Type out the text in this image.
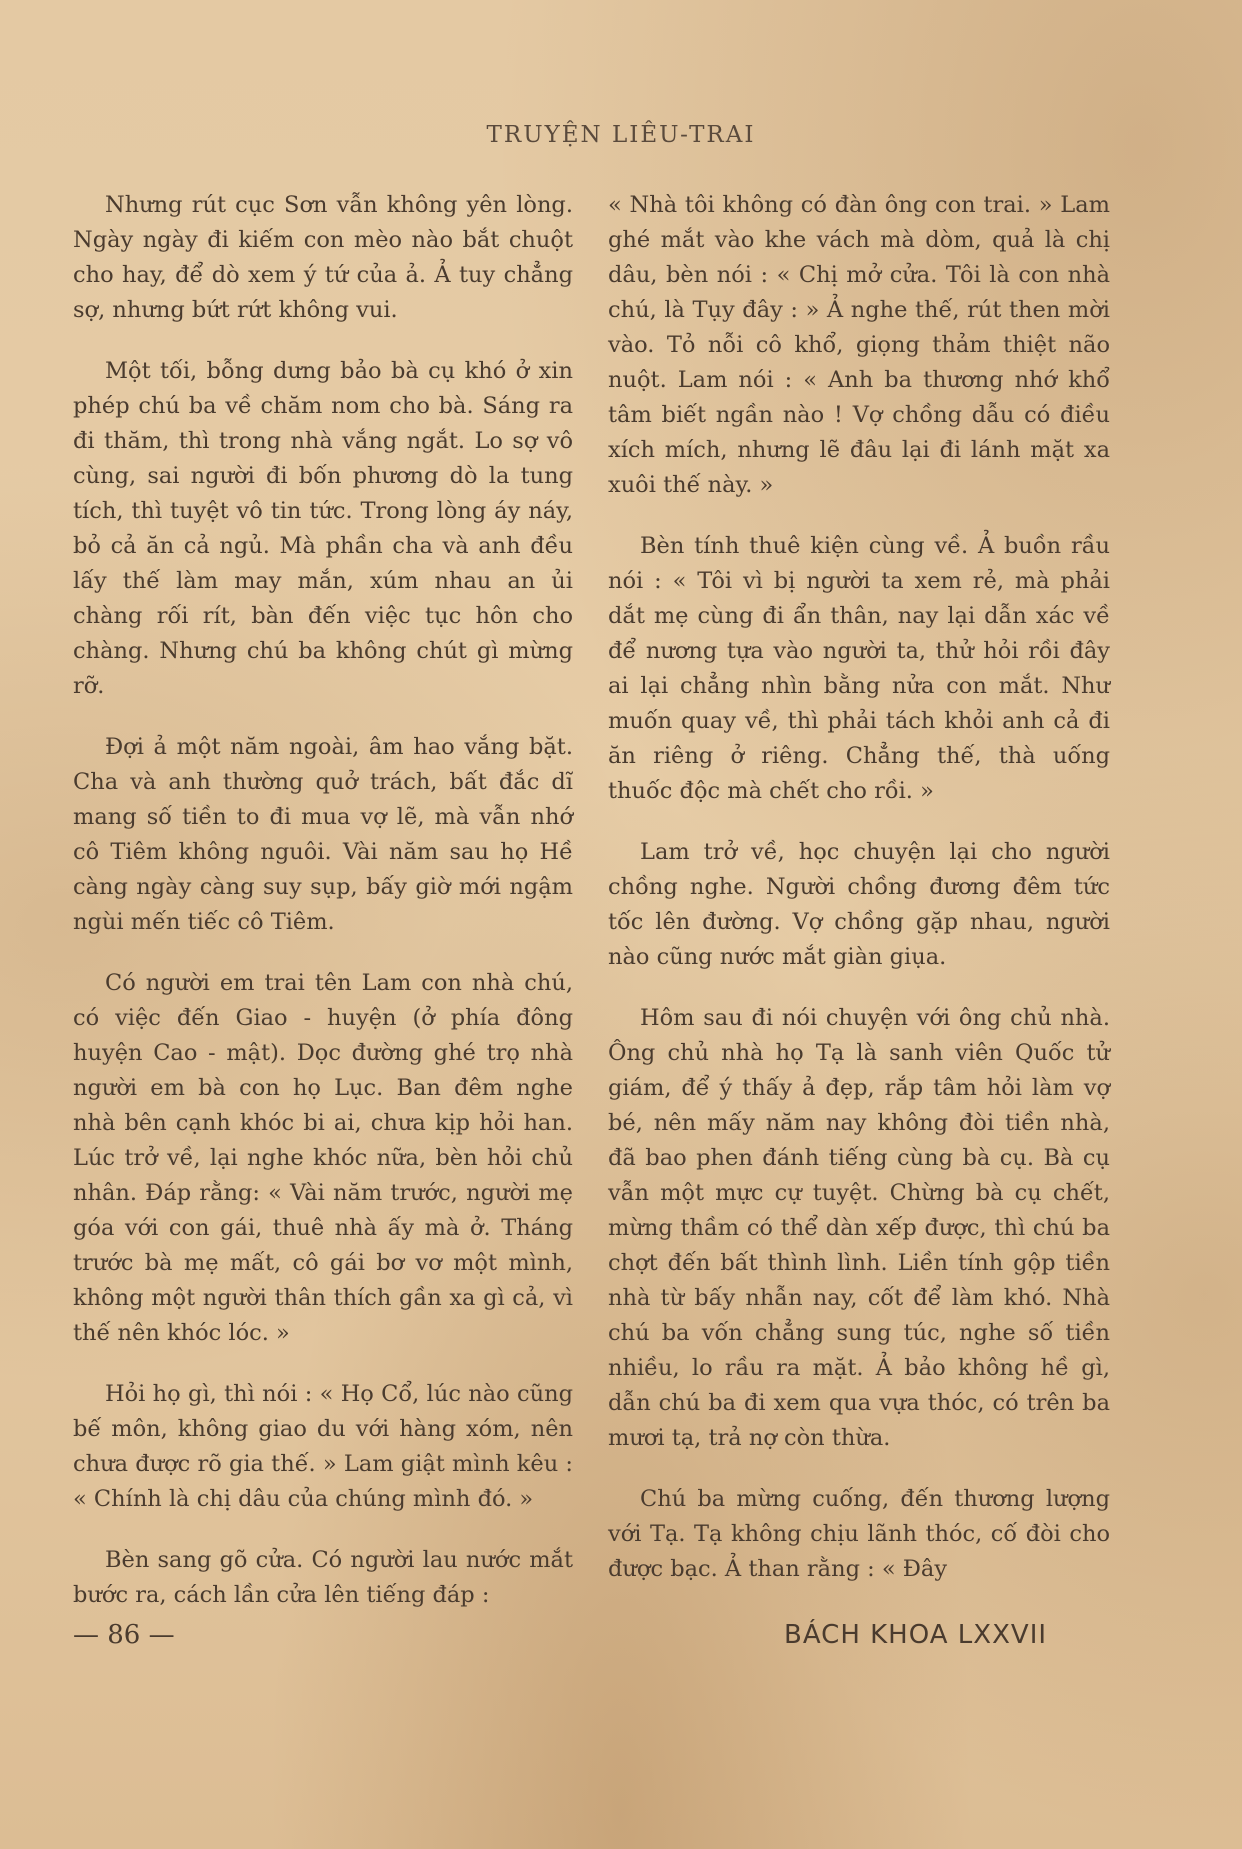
TRUYỆN LIÊU-TRAI

Nhưng rút cục Sơn vẫn không yên lòng. Ngày ngày đi kiếm con mèo nào bắt chuột cho hay, để dò xem ý tứ của ả. Ả tuy chẳng sợ, nhưng bứt rứt không vui.

Một tối, bỗng dưng bảo bà cụ khó ở xin phép chú ba về chăm nom cho bà. Sáng ra đi thăm, thì trong nhà vắng ngắt. Lo sợ vô cùng, sai người đi bốn phương dò la tung tích, thì tuyệt vô tin tức. Trong lòng áy náy, bỏ cả ăn cả ngủ. Mà phần cha và anh đều lấy thế làm may mắn, xúm nhau an ủi chàng rối rít, bàn đến việc tục hôn cho chàng. Nhưng chú ba không chút gì mừng rỡ.

Đợi ả một năm ngoài, âm hao vắng bặt. Cha và anh thường quở trách, bất đắc dĩ mang số tiền to đi mua vợ lẽ, mà vẫn nhớ cô Tiêm không nguôi. Vài năm sau họ Hề càng ngày càng suy sụp, bấy giờ mới ngậm ngùi mến tiếc cô Tiêm.

Có người em trai tên Lam con nhà chú, có việc đến Giao - huyện (ở phía đông huyện Cao - mật). Dọc đường ghé trọ nhà người em bà con họ Lục. Ban đêm nghe nhà bên cạnh khóc bi ai, chưa kịp hỏi han. Lúc trở về, lại nghe khóc nữa, bèn hỏi chủ nhân. Đáp rằng: « Vài năm trước, người mẹ góa với con gái, thuê nhà ấy mà ở. Tháng trước bà mẹ mất, cô gái bơ vơ một mình, không một người thân thích gần xa gì cả, vì thế nên khóc lóc. »

Hỏi họ gì, thì nói : « Họ Cổ, lúc nào cũng bế môn, không giao du với hàng xóm, nên chưa được rõ gia thế. » Lam giật mình kêu : « Chính là chị dâu của chúng mình đó. »

Bèn sang gõ cửa. Có người lau nước mắt bước ra, cách lần cửa lên tiếng đáp :

« Nhà tôi không có đàn ông con trai. » Lam ghé mắt vào khe vách mà dòm, quả là chị dâu, bèn nói : « Chị mở cửa. Tôi là con nhà chú, là Tụy đây : » Ả nghe thế, rút then mời vào. Tỏ nỗi cô khổ, giọng thảm thiệt não nuột. Lam nói : « Anh ba thương nhớ khổ tâm biết ngần nào ! Vợ chồng dẫu có điều xích mích, nhưng lẽ đâu lại đi lánh mặt xa xuôi thế này. »

Bèn tính thuê kiện cùng về. Ả buồn rầu nói : « Tôi vì bị người ta xem rẻ, mà phải dắt mẹ cùng đi ẩn thân, nay lại dẫn xác về để nương tựa vào người ta, thử hỏi rồi đây ai lại chẳng nhìn bằng nửa con mắt. Như muốn quay về, thì phải tách khỏi anh cả đi ăn riêng ở riêng. Chẳng thế, thà uống thuốc độc mà chết cho rồi. »

Lam trở về, học chuyện lại cho người chồng nghe. Người chồng đương đêm tức tốc lên đường. Vợ chồng gặp nhau, người nào cũng nước mắt giàn giụa.

Hôm sau đi nói chuyện với ông chủ nhà. Ông chủ nhà họ Tạ là sanh viên Quốc tử giám, để ý thấy ả đẹp, rắp tâm hỏi làm vợ bé, nên mấy năm nay không đòi tiền nhà, đã bao phen đánh tiếng cùng bà cụ. Bà cụ vẫn một mực cự tuyệt. Chừng bà cụ chết, mừng thầm có thể dàn xếp được, thì chú ba chợt đến bất thình lình. Liền tính gộp tiền nhà từ bấy nhẫn nay, cốt để làm khó. Nhà chú ba vốn chẳng sung túc, nghe số tiền nhiều, lo rầu ra mặt. Ả bảo không hề gì, dẫn chú ba đi xem qua vựa thóc, có trên ba mươi tạ, trả nợ còn thừa.

Chú ba mừng cuống, đến thương lượng với Tạ. Tạ không chịu lãnh thóc, cố đòi cho được bạc. Ả than rằng : « Đây

— 86 —	BÁCH KHOA LXXVII
